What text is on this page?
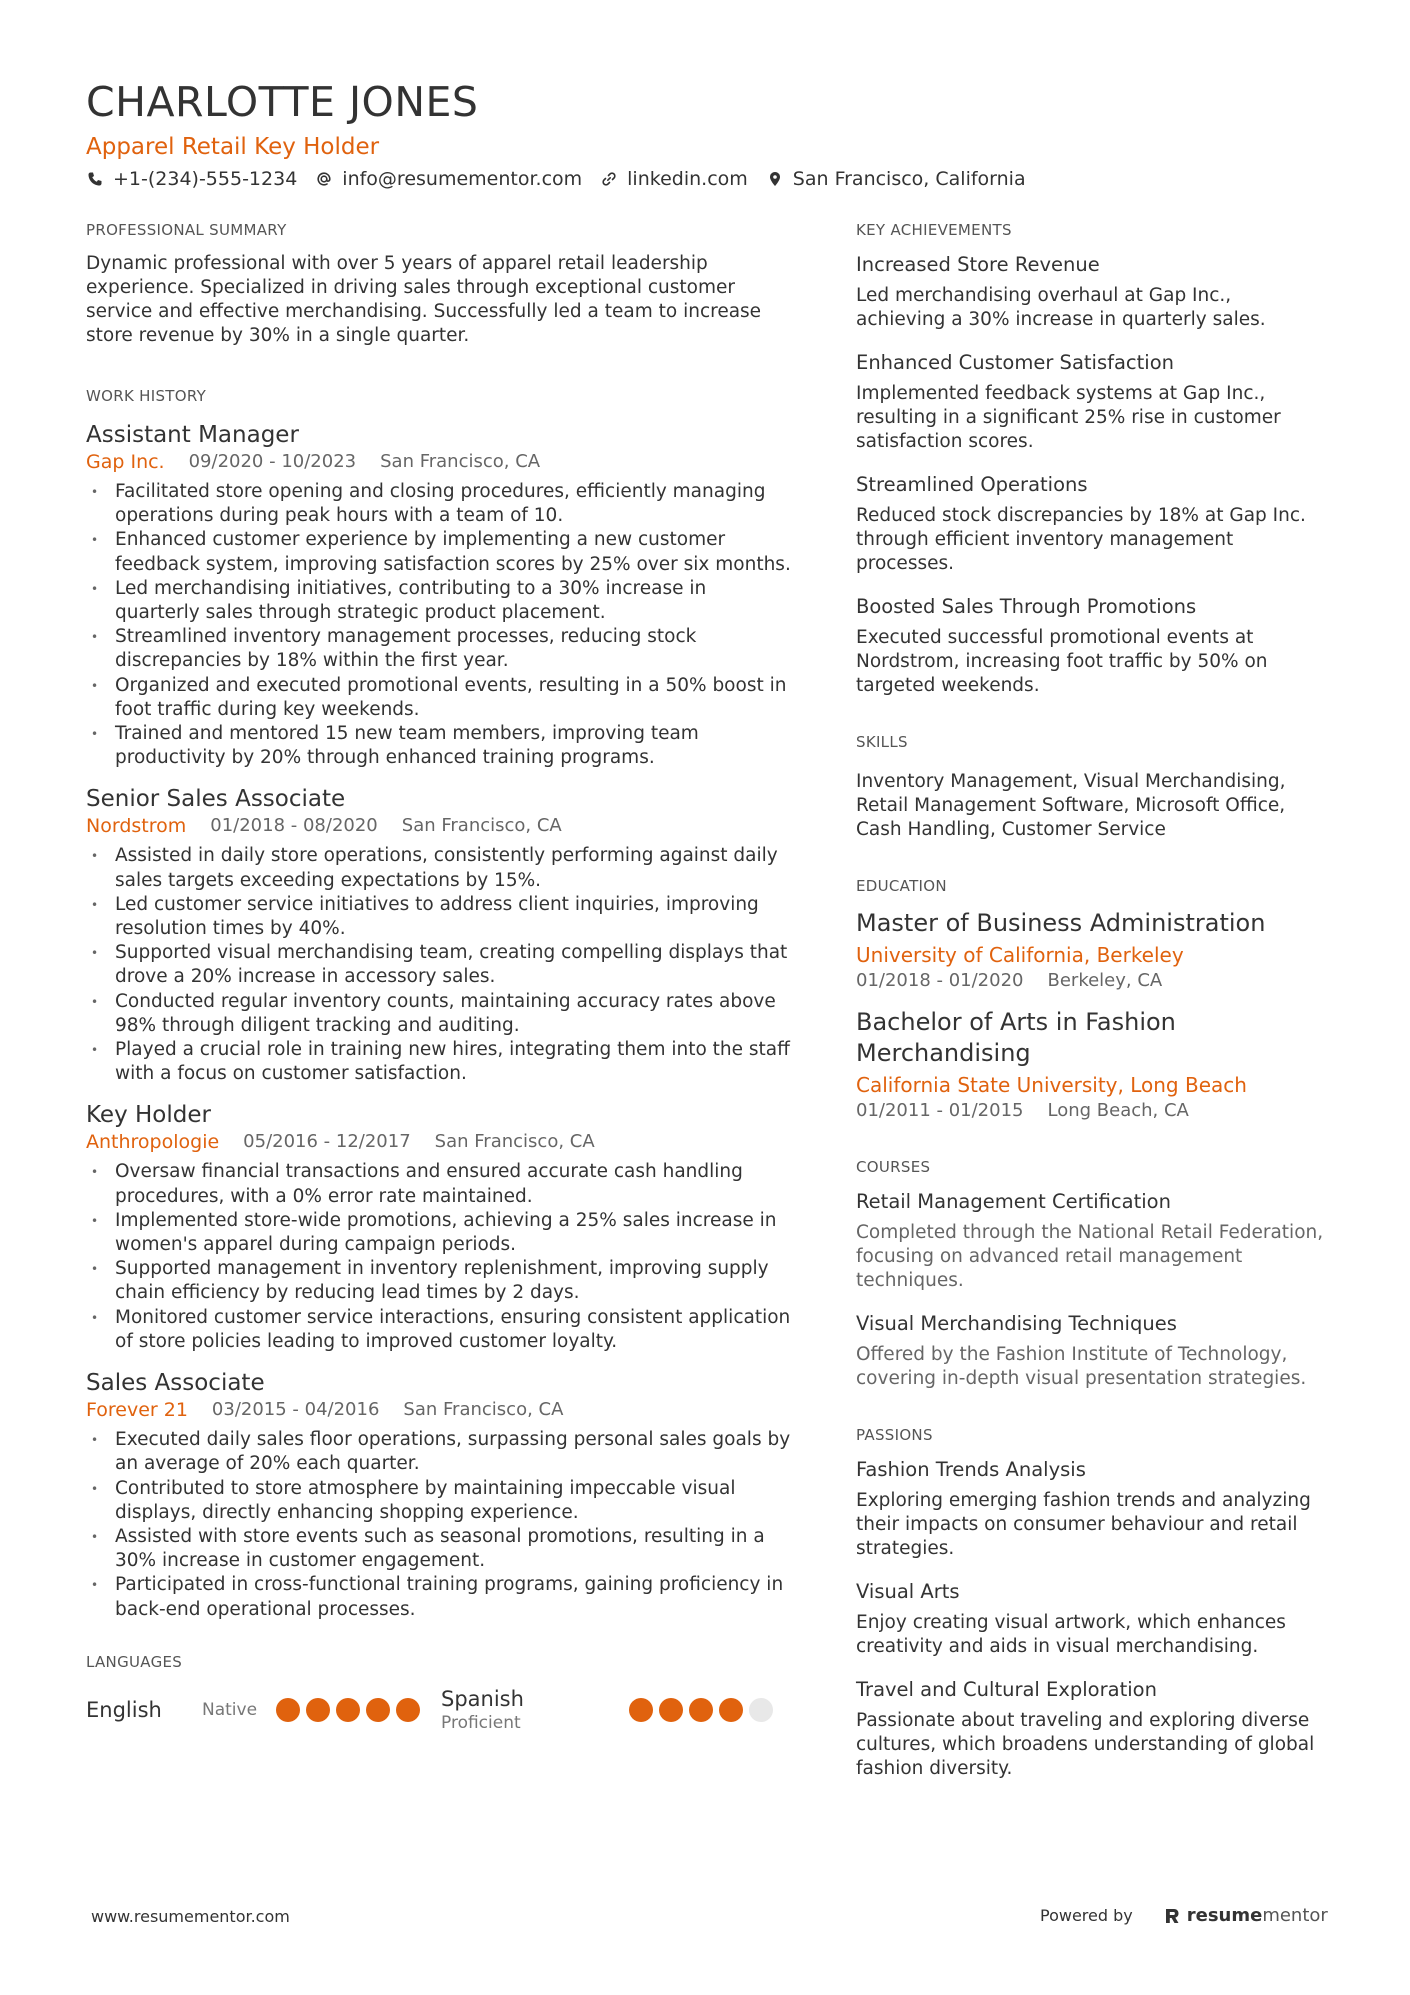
CHARLOTTE JONES
Apparel Retail Key Holder
+1-(234)-555-1234 info@resumementor.com linkedin.com San Francisco, California
PROFESSIONAL SUMMARY
Dynamic professional with over 5 years of apparel retail leadership experience. Specialized in driving sales through exceptional customer service and effective merchandising. Successfully led a team to increase store revenue by 30% in a single quarter.
WORK HISTORY
Assistant Manager
Gap Inc. 09/2020 - 10/2023 San Francisco, CA
• Facilitated store opening and closing procedures, efficiently managing operations during peak hours with a team of 10.
• Enhanced customer experience by implementing a new customer feedback system, improving satisfaction scores by 25% over six months.
• Led merchandising initiatives, contributing to a 30% increase in quarterly sales through strategic product placement.
• Streamlined inventory management processes, reducing stock discrepancies by 18% within the first year.
• Organized and executed promotional events, resulting in a 50% boost in foot traffic during key weekends.
• Trained and mentored 15 new team members, improving team productivity by 20% through enhanced training programs.
Senior Sales Associate
Nordstrom 01/2018 - 08/2020 San Francisco, CA
• Assisted in daily store operations, consistently performing against daily sales targets exceeding expectations by 15%.
• Led customer service initiatives to address client inquiries, improving resolution times by 40%.
• Supported visual merchandising team, creating compelling displays that drove a 20% increase in accessory sales.
• Conducted regular inventory counts, maintaining accuracy rates above 98% through diligent tracking and auditing.
• Played a crucial role in training new hires, integrating them into the staff with a focus on customer satisfaction.
Key Holder
Anthropologie 05/2016 - 12/2017 San Francisco, CA
• Oversaw financial transactions and ensured accurate cash handling procedures, with a 0% error rate maintained.
• Implemented store-wide promotions, achieving a 25% sales increase in women's apparel during campaign periods.
• Supported management in inventory replenishment, improving supply chain efficiency by reducing lead times by 2 days.
• Monitored customer service interactions, ensuring consistent application of store policies leading to improved customer loyalty.
Sales Associate
Forever 21 03/2015 - 04/2016 San Francisco, CA
• Executed daily sales floor operations, surpassing personal sales goals by an average of 20% each quarter.
• Contributed to store atmosphere by maintaining impeccable visual displays, directly enhancing shopping experience.
• Assisted with store events such as seasonal promotions, resulting in a 30% increase in customer engagement.
• Participated in cross-functional training programs, gaining proficiency in back-end operational processes.
LANGUAGES
English	Native	Spanish
Proficient
KEY ACHIEVEMENTS
Increased Store Revenue
Led merchandising overhaul at Gap Inc., achieving a 30% increase in quarterly sales.
Enhanced Customer Satisfaction
Implemented feedback systems at Gap Inc., resulting in a significant 25% rise in customer satisfaction scores.
Streamlined Operations
Reduced stock discrepancies by 18% at Gap Inc. through efficient inventory management processes.
Boosted Sales Through Promotions
Executed successful promotional events at Nordstrom, increasing foot traffic by 50% on targeted weekends.
SKILLS
Inventory Management, Visual Merchandising, Retail Management Software, Microsoft Office, Cash Handling, Customer Service
EDUCATION
Master of Business Administration
University of California, Berkeley
01/2018 - 01/2020 Berkeley, CA
Bachelor of Arts in Fashion Merchandising
California State University, Long Beach
01/2011 - 01/2015 Long Beach, CA
COURSES
Retail Management Certification
Completed through the National Retail Federation, focusing on advanced retail management techniques.
Visual Merchandising Techniques
Offered by the Fashion Institute of Technology, covering in-depth visual presentation strategies.
PASSIONS
Fashion Trends Analysis
Exploring emerging fashion trends and analyzing their impacts on consumer behaviour and retail strategies.
Visual Arts
Enjoy creating visual artwork, which enhances creativity and aids in visual merchandising.
Travel and Cultural Exploration
Passionate about traveling and exploring diverse cultures, which broadens understanding of global fashion diversity.
www.resumementor.com	Powered by	resume mentor
